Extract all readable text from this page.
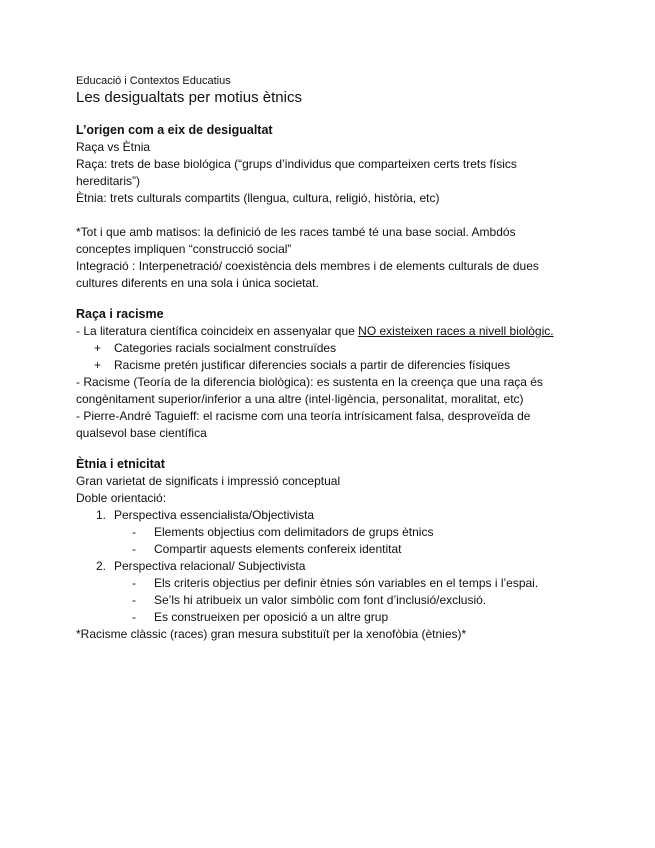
Educació i Contextos Educatius
Les desigualtats per motius ètnics
L’origen com a eix de desigualtat
Raça vs Ètnia
Raça: trets de base biológica (“grups d’individus que comparteixen certs trets físics hereditaris”)
Ètnia: trets culturals compartits (llengua, cultura, religió, història, etc)
*Tot i que amb matisos: la definició de les races també té una base social. Ambdós conceptes impliquen “construcció social”
Integració : Interpenetració/ coexistència dels membres i de elements culturals de dues cultures diferents en una sola i única societat.
Raça i racisme
- La literatura científica coincideix en assenyalar que NO existeixen races a nivell biològic.
+ Categories racials socialment construïdes
+ Racisme pretén justificar diferencies socials a partir de diferencies físiques
- Racisme (Teoría de la diferencia biològica): es sustenta en la creença que una raça és congènitament superior/inferior a una altre (intel·ligència, personalitat, moralitat, etc)
- Pierre-André Taguieff: el racisme com una teoría intrísicament falsa, desproveïda de qualsevol base científica
Ètnia i etnicitat
Gran varietat de significats i impressió conceptual
Doble orientació:
1. Perspectiva essencialista/Objectivista
- Elements objectius com delimitadors de grups ètnics
- Compartir aquests elements confereix identitat
2. Perspectiva relacional/ Subjectivista
- Els criteris objectius per definir ètnies són variables en el temps i l’espai.
- Se’ls hi atribueix un valor simbòlic com font d’inclusió/exclusió.
- Es construeixen per oposició a un altre grup
*Racisme clàssic (races) gran mesura substituït per la xenofòbia (ètnies)*
